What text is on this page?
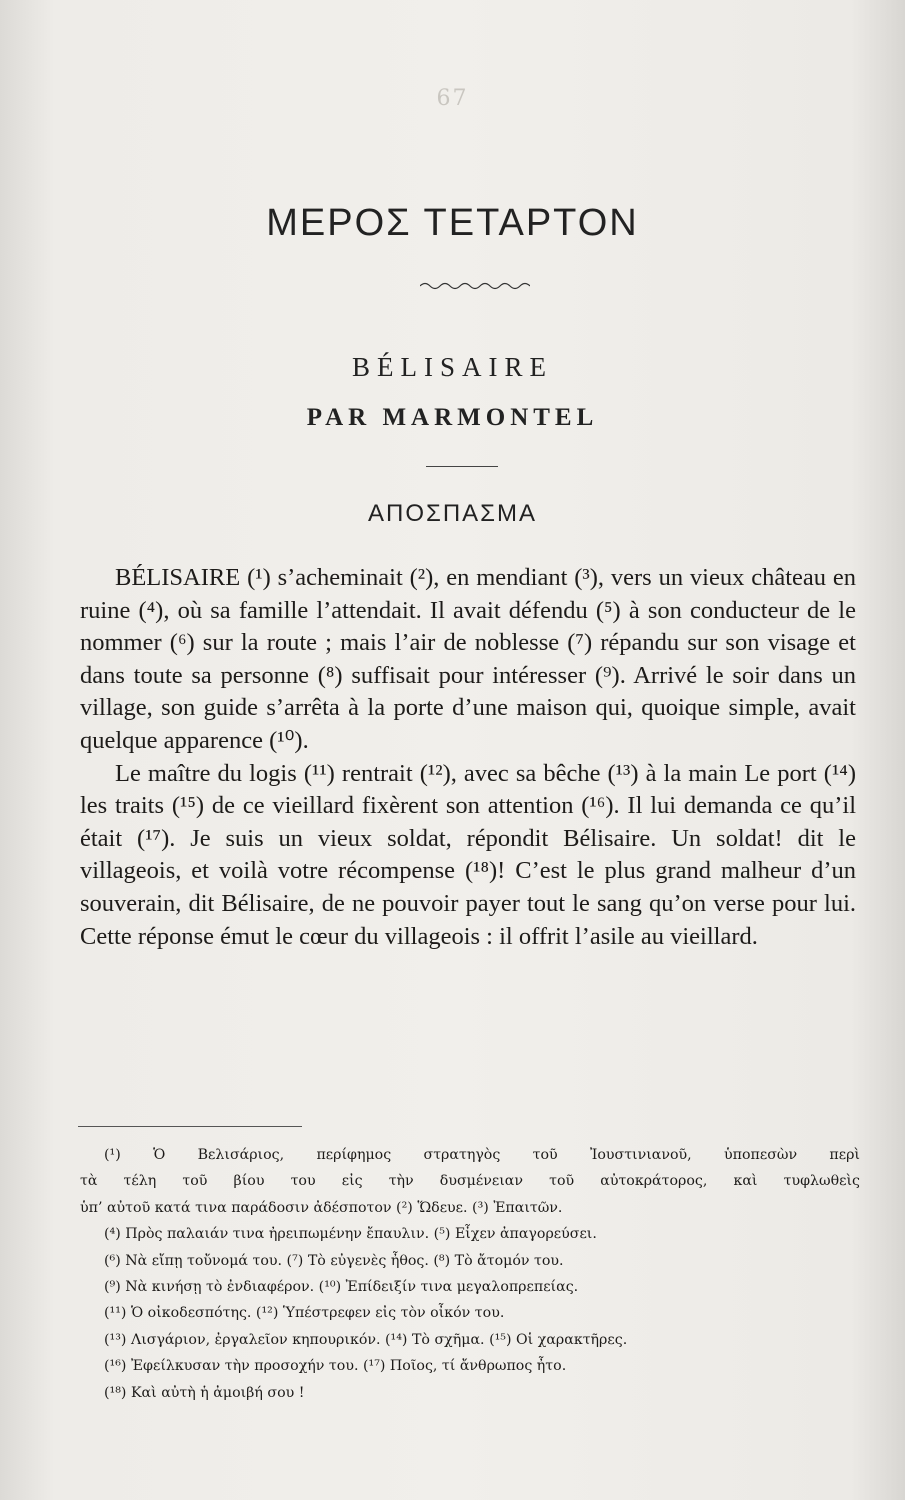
67
ΜΕΡΟΣ ΤΕΤΑΡΤΟΝ
BÉLISAIRE
PAR MARMONTEL
ΑΠΟΣΠΑΣΜΑ

BÉLISAIRE (¹) s’acheminait (²), en mendiant (³), vers un vieux château en ruine (⁴), où sa famille l’attendait. Il avait défendu (⁵) à son conducteur de le nommer (⁶) sur la route ; mais l’air de noblesse (⁷) répandu sur son visage et dans toute sa personne (⁸) suffisait pour intéresser (⁹). Arrivé le soir dans un village, son guide s’arrêta à la porte d’une maison qui, quoique simple, avait quelque apparence (¹⁰).

Le maître du logis (¹¹) rentrait (¹²), avec sa bêche (¹³) à la main Le port (¹⁴) les traits (¹⁵) de ce vieillard fixèrent son attention (¹⁶). Il lui demanda ce qu’il était (¹⁷). Je suis un vieux soldat, répondit Bélisaire. Un soldat! dit le villageois, et voilà votre récompense (¹⁸)! C’est le plus grand malheur d’un souverain, dit Bélisaire, de ne pouvoir payer tout le sang qu’on verse pour lui. Cette réponse émut le cœur du villageois : il offrit l’asile au vieillard.

(¹) Ὁ Βελισάριος, περίφημος στρατηγὸς τοῦ Ἰουστινιανοῦ, ὑποπεσὼν περὶ
τὰ τέλη τοῦ βίου του εἰς τὴν δυσμένειαν τοῦ αὐτοκράτορος, καὶ τυφλωθεὶς
ὑπ’ αὐτοῦ κατά τινα παράδοσιν ἀδέσποτον (²) Ὥδευε. (³) Ἐπαιτῶν.
(⁴) Πρὸς παλαιάν τινα ἠρειπωμένην ἔπαυλιν. (⁵) Εἶχεν ἀπαγορεύσει.
(⁶) Νὰ εἴπῃ τοὔνομά του. (⁷) Τὸ εὐγενὲς ἦθος. (⁸) Τὸ ἄτομόν του.
(⁹) Νὰ κινήσῃ τὸ ἐνδιαφέρον. (¹⁰) Ἐπίδειξίν τινα μεγαλοπρεπείας.
(¹¹) Ὁ οἰκοδεσπότης. (¹²) Ὑπέστρεφεν εἰς τὸν οἶκόν του.
(¹³) Λισγάριον, ἐργαλεῖον κηπουρικόν. (¹⁴) Τὸ σχῆμα. (¹⁵) Οἱ χαρακτῆρες.
(¹⁶) Ἐφείλκυσαν τὴν προσοχήν του. (¹⁷) Ποῖος, τί ἄνθρωπος ἦτο.
(¹⁸) Καὶ αὐτὴ ἡ ἀμοιβή σου !
